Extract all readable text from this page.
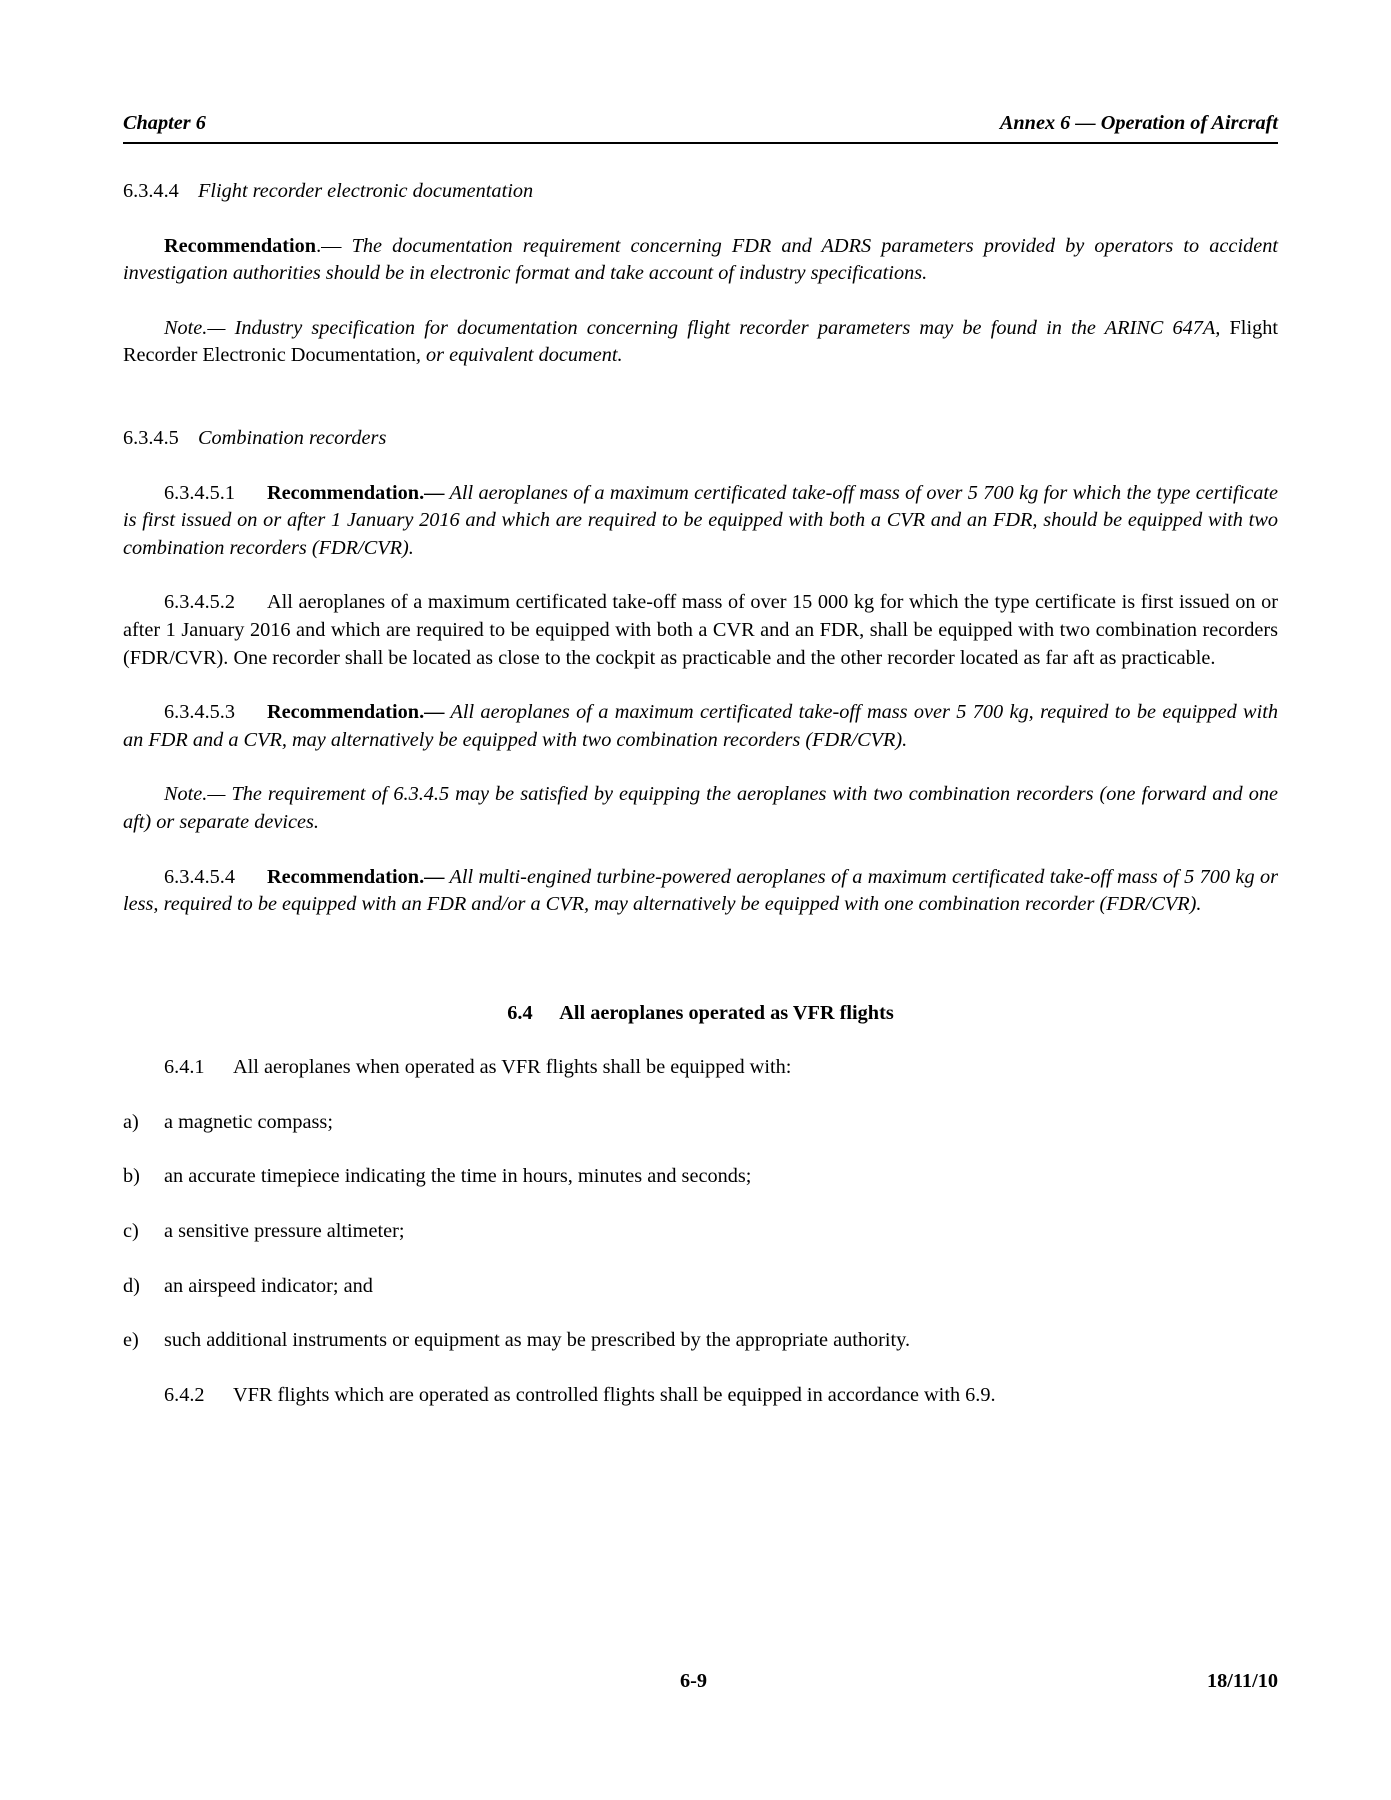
Chapter 6	Annex 6 — Operation of Aircraft
6.3.4.4 Flight recorder electronic documentation
Recommendation.— The documentation requirement concerning FDR and ADRS parameters provided by operators to accident investigation authorities should be in electronic format and take account of industry specifications.
Note.— Industry specification for documentation concerning flight recorder parameters may be found in the ARINC 647A, Flight Recorder Electronic Documentation, or equivalent document.
6.3.4.5 Combination recorders
6.3.4.5.1 Recommendation.— All aeroplanes of a maximum certificated take-off mass of over 5 700 kg for which the type certificate is first issued on or after 1 January 2016 and which are required to be equipped with both a CVR and an FDR, should be equipped with two combination recorders (FDR/CVR).
6.3.4.5.2 All aeroplanes of a maximum certificated take-off mass of over 15 000 kg for which the type certificate is first issued on or after 1 January 2016 and which are required to be equipped with both a CVR and an FDR, shall be equipped with two combination recorders (FDR/CVR). One recorder shall be located as close to the cockpit as practicable and the other recorder located as far aft as practicable.
6.3.4.5.3 Recommendation.— All aeroplanes of a maximum certificated take-off mass over 5 700 kg, required to be equipped with an FDR and a CVR, may alternatively be equipped with two combination recorders (FDR/CVR).
Note.— The requirement of 6.3.4.5 may be satisfied by equipping the aeroplanes with two combination recorders (one forward and one aft) or separate devices.
6.3.4.5.4 Recommendation.— All multi-engined turbine-powered aeroplanes of a maximum certificated take-off mass of 5 700 kg or less, required to be equipped with an FDR and/or a CVR, may alternatively be equipped with one combination recorder (FDR/CVR).
6.4 All aeroplanes operated as VFR flights
6.4.1 All aeroplanes when operated as VFR flights shall be equipped with:
a) a magnetic compass;
b) an accurate timepiece indicating the time in hours, minutes and seconds;
c) a sensitive pressure altimeter;
d) an airspeed indicator; and
e) such additional instruments or equipment as may be prescribed by the appropriate authority.
6.4.2 VFR flights which are operated as controlled flights shall be equipped in accordance with 6.9.
6-9	18/11/10
